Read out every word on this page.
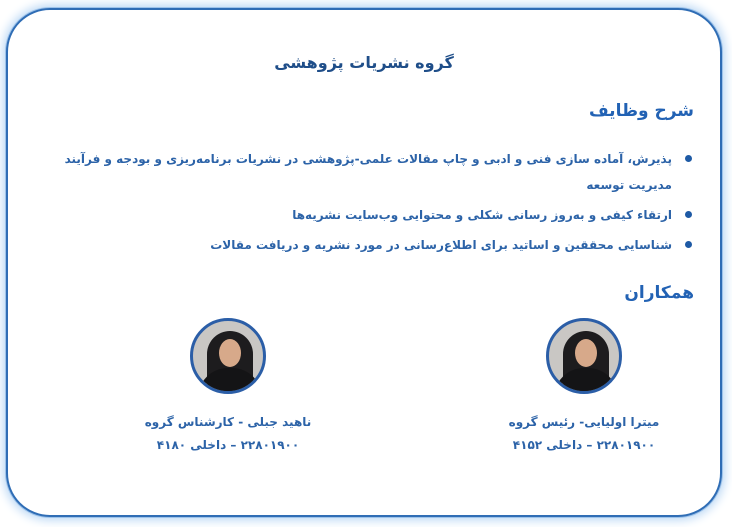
گروه نشریات پژوهشی
شرح وظایف
پذیرش، آماده سازی فنی و ادبی و چاپ مقالات علمی-پژوهشی در نشریات برنامه‌ریزی و بودجه و فرآیند مدیریت توسعه
ارتقاء کیفی و به‌روز رسانی شکلی و محتوایی وب‌سایت نشریه‌ها
شناسایی محققین و اساتید برای اطلاع‌رسانی در مورد نشریه و دریافت مقالات
همکاران
میترا اولیایی- رئیس گروه
۲۲۸۰۱۹۰۰ – داخلی ۴۱۵۲
ناهید جبلی - کارشناس گروه
۲۲۸۰۱۹۰۰ – داخلی ۴۱۸۰
